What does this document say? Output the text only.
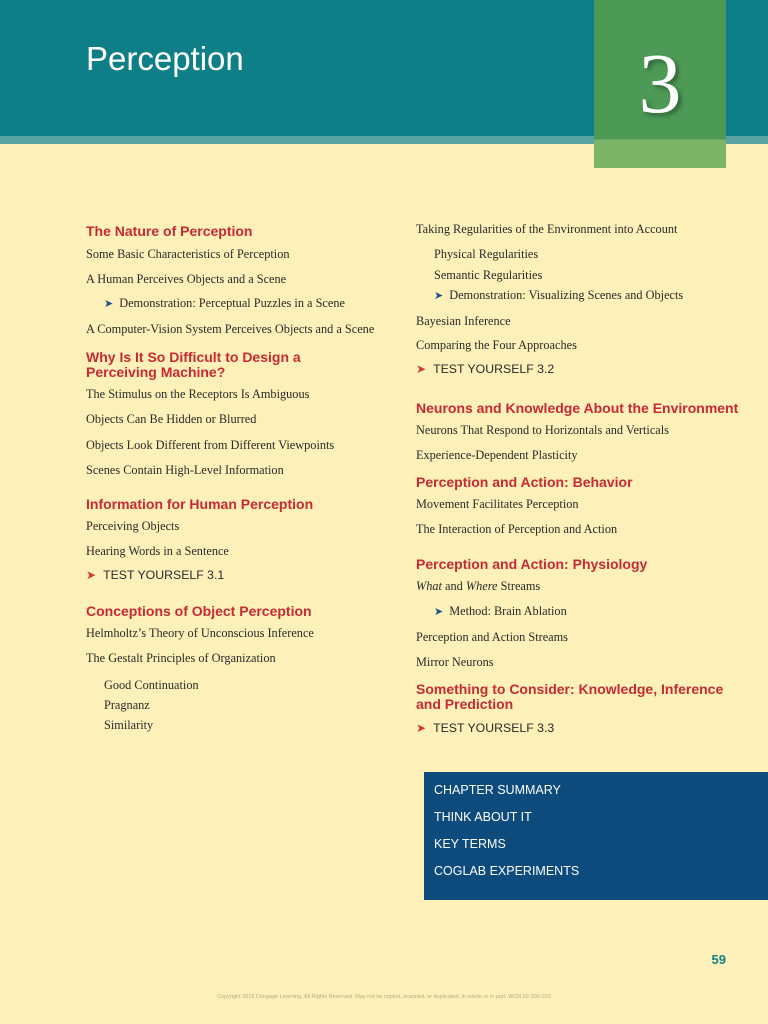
Perception	3

The Nature of Perception

Some Basic Characteristics of Perception

A Human Perceives Objects and a Scene

➤ Demonstration: Perceptual Puzzles in a Scene

A Computer-Vision System Perceives Objects and a Scene

Why Is It So Difficult to Design a
Perceiving Machine?

The Stimulus on the Receptors Is Ambiguous

Objects Can Be Hidden or Blurred

Objects Look Different from Different Viewpoints

Scenes Contain High-Level Information

Information for Human Perception

Perceiving Objects

Hearing Words in a Sentence

➤ TEST YOURSELF 3.1

Conceptions of Object Perception

Helmholtz’s Theory of Unconscious Inference

The Gestalt Principles of Organization

Good Continuation

Pragnanz

Similarity

Taking Regularities of the Environment into Account

Physical Regularities

Semantic Regularities

➤ Demonstration: Visualizing Scenes and Objects

Bayesian Inference

Comparing the Four Approaches

➤ TEST YOURSELF 3.2

Neurons and Knowledge About the Environment

Neurons That Respond to Horizontals and Verticals

Experience-Dependent Plasticity

Perception and Action: Behavior

Movement Facilitates Perception

The Interaction of Perception and Action

Perception and Action: Physiology

What and Where Streams

➤ Method: Brain Ablation

Perception and Action Streams

Mirror Neurons

Something to Consider: Knowledge, Inference
and Prediction

➤ TEST YOURSELF 3.3

CHAPTER SUMMARY
THINK ABOUT IT
KEY TERMS
COGLAB EXPERIMENTS
59
Copyright 2019 Cengage Learning. All Rights Reserved. May not be copied, scanned, or duplicated, in whole or in part. WCN 02-200-203
